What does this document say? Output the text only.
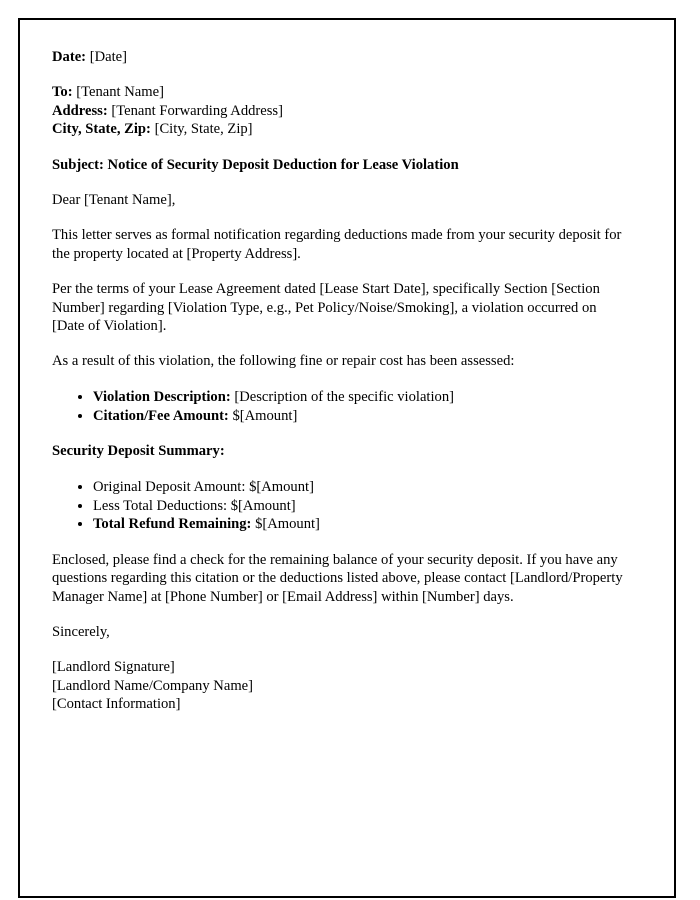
Date: [Date]
To: [Tenant Name]
Address: [Tenant Forwarding Address]
City, State, Zip: [City, State, Zip]
Subject: Notice of Security Deposit Deduction for Lease Violation
Dear [Tenant Name],
This letter serves as formal notification regarding deductions made from your security deposit for the property located at [Property Address].
Per the terms of your Lease Agreement dated [Lease Start Date], specifically Section [Section Number] regarding [Violation Type, e.g., Pet Policy/Noise/Smoking], a violation occurred on [Date of Violation].
As a result of this violation, the following fine or repair cost has been assessed:
• Violation Description: [Description of the specific violation]
• Citation/Fee Amount: $[Amount]
Security Deposit Summary:
• Original Deposit Amount: $[Amount]
• Less Total Deductions: $[Amount]
• Total Refund Remaining: $[Amount]
Enclosed, please find a check for the remaining balance of your security deposit. If you have any questions regarding this citation or the deductions listed above, please contact [Landlord/Property Manager Name] at [Phone Number] or [Email Address] within [Number] days.
Sincerely,
[Landlord Signature]
[Landlord Name/Company Name]
[Contact Information]
